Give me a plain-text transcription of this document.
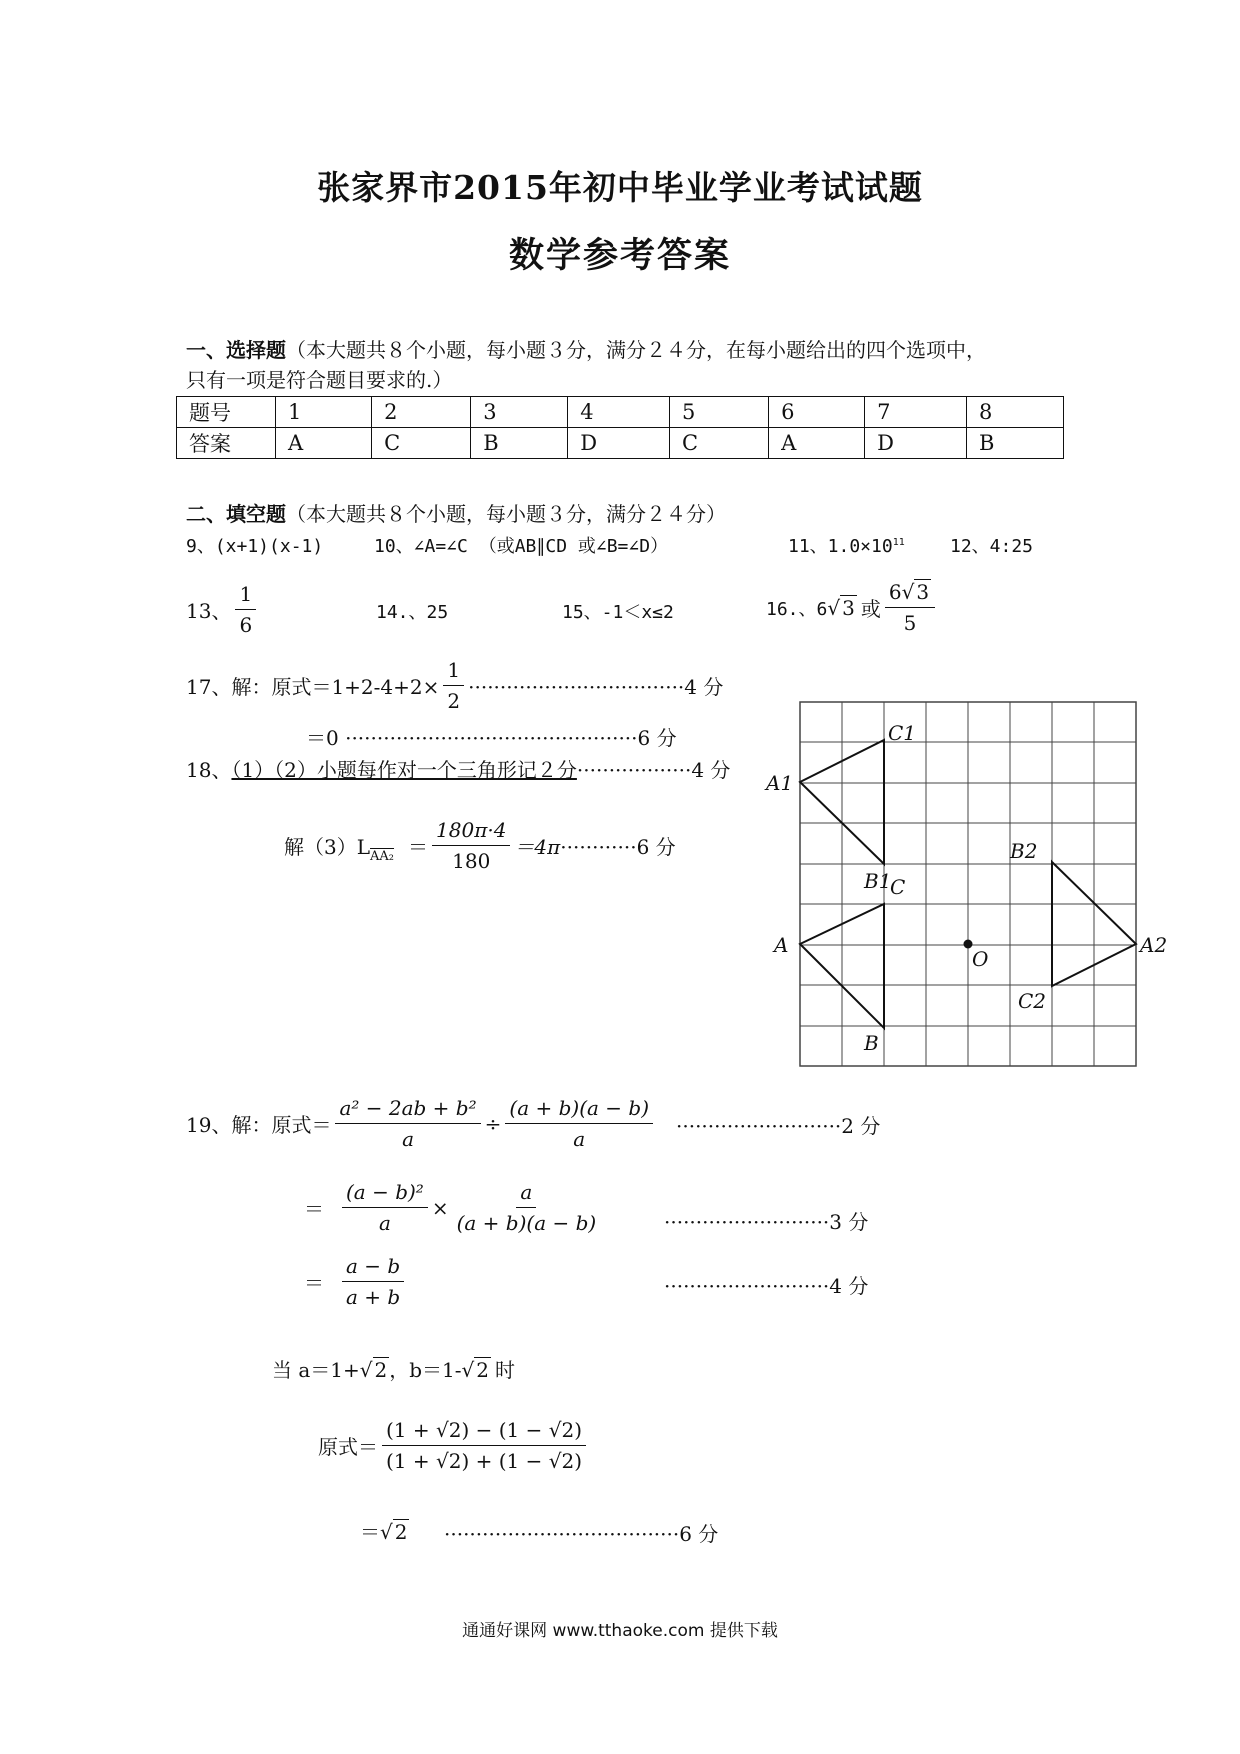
张家界市2015年初中毕业学业考试试题
数学参考答案
一、选择题（本大题共８个小题，每小题３分，满分２４分，在每小题给出的四个选项中，
只有一项是符合题目要求的.）
题号	1	2	3	4	5	6	7	8
答案	A	C	B	D	C	A	D	B
二、填空题（本大题共８个小题，每小题３分，满分２４分）
9、(x+1)(x-1)	10、∠A=∠C （或AB∥CD 或∠B=∠D）	11、$1.0\times 10^{11}$	12、4:25
13、 $\frac{1}{6}$	14.、25	15、-1＜x≤2	16.、6 √ 3 或 $\frac{6√ 3}{5}$
17、解：原式$=1+2-4+2\times \frac{1}{2} \cdot\cdot\cdot\cdot\cdot\cdot\cdot\cdot\cdot\cdot\cdot\cdot\cdot\cdot\cdot\cdot\cdot\cdot\cdot\cdot\cdot\cdot\cdot\cdot\cdot\cdot\cdot\cdot\cdot\cdot\cdot\cdot\cdot\cdot 4$ 分
＝0 ··············································6 分
18、（1）（2）小题每作对一个三角形记２分··················4 分
解（3）L $AA_2 = \frac{180\pi\cdot 4}{180} =4\pi \cdot\cdot\cdot\cdot\cdot\cdot\cdot\cdot\cdot\cdot\cdot\cdot 6$ 分
C1
A1
B1
C
A
B
O
B2
A2
C2
19、解：原式＝ $\frac{\text{a² − 2ab + b²}}{a} \div \frac{(a + b)(a - b)}{a} \cdot\cdot\cdot\cdot\cdot\cdot\cdot\cdot\cdot\cdot\cdot\cdot\cdot\cdot\cdot\cdot\cdot\cdot\cdot\cdot\cdot\cdot\cdot\cdot\cdot\cdot 2$ 分
＝ $\frac{\text{(a − b)²}}{a} \times \frac{a}{(a + b)(a - b)}$	··························3 分
＝ $\frac{a - b}{a + b}$	··························4 分
当 a＝1+√ 2 ，b＝1-√ 2 时
原式＝ $\frac{(1 + √2) - (1 - √2)}{(1 + √2) + (1 - √2)}$
＝√ 2 ·····································6 分
通通好课网 www.tthaoke.com 提供下载
